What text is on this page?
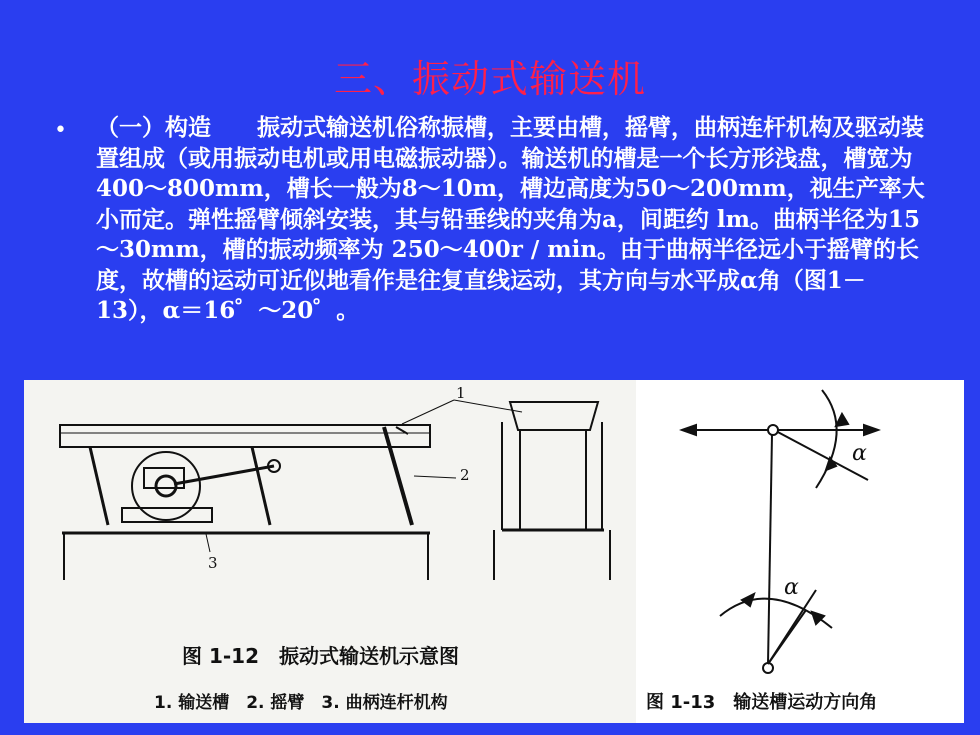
三、振动式输送机
• （一）构造　　振动式输送机俗称振槽，主要由槽，摇臂，曲柄连杆机构及驱动装置组成（或用振动电机或用电磁振动器）。输送机的槽是一个长方形浅盘，槽宽为400～800mm，槽长一般为8～10m，槽边高度为50～200mm，视生产率大小而定。弹性摇臂倾斜安装，其与铅垂线的夹角为a，间距约 lm。曲柄半径为15～30mm，槽的振动频率为 250～400r / min。由于曲柄半径远小于摇臂的长度，故槽的运动可近似地看作是往复直线运动，其方向与水平成α角（图1－13），α＝16゜～20゜。

1
2
3
图 1-12　振动式输送机示意图
1. 输送槽　2. 摇臂　3. 曲柄连杆机构
α
α
图 1-13　输送槽运动方向角
